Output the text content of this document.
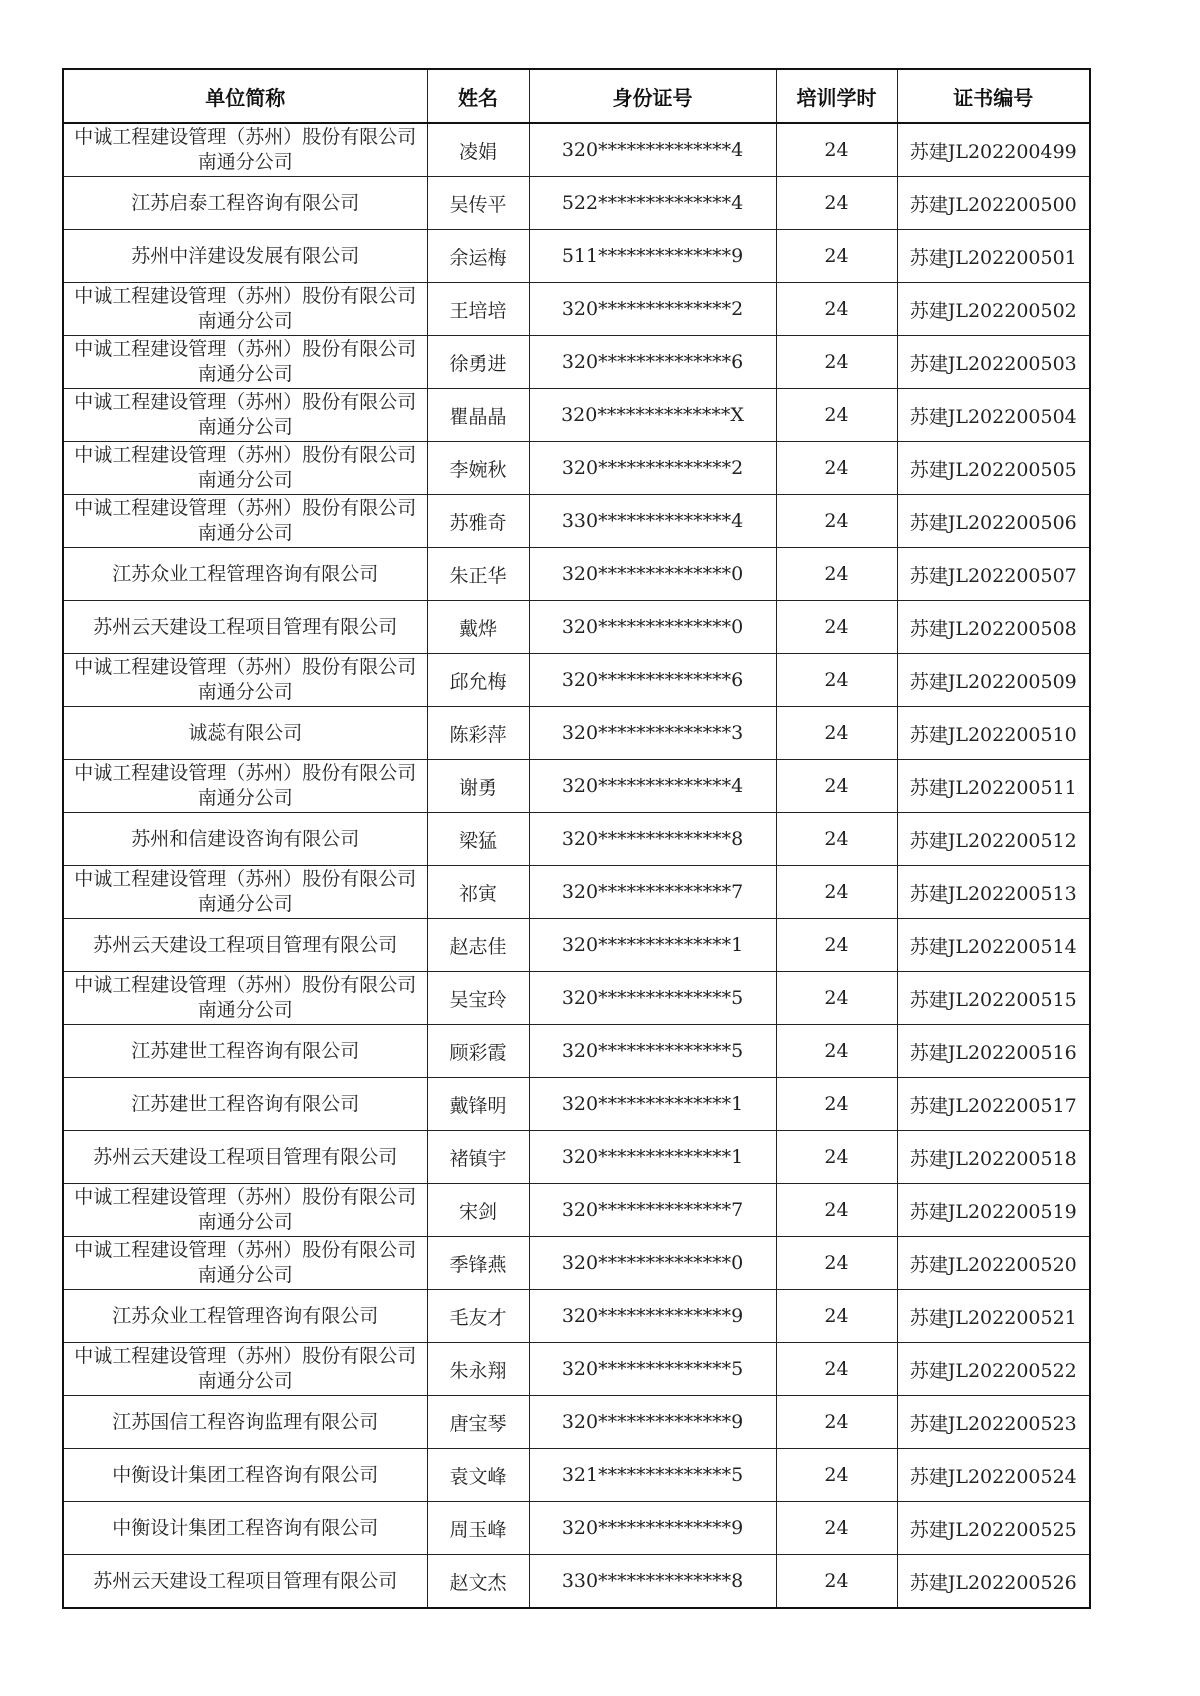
单位简称	姓名	身份证号	培训学时	证书编号
中诚工程建设管理（苏州）股份有限公司南通分公司	凌娟	320**************4	24	苏建JL202200499
江苏启泰工程咨询有限公司	吴传平	522**************4	24	苏建JL202200500
苏州中洋建设发展有限公司	余运梅	511**************9	24	苏建JL202200501
中诚工程建设管理（苏州）股份有限公司南通分公司	王培培	320**************2	24	苏建JL202200502
中诚工程建设管理（苏州）股份有限公司南通分公司	徐勇进	320**************6	24	苏建JL202200503
中诚工程建设管理（苏州）股份有限公司南通分公司	瞿晶晶	320**************X	24	苏建JL202200504
中诚工程建设管理（苏州）股份有限公司南通分公司	李婉秋	320**************2	24	苏建JL202200505
中诚工程建设管理（苏州）股份有限公司南通分公司	苏雅奇	330**************4	24	苏建JL202200506
江苏众业工程管理咨询有限公司	朱正华	320**************0	24	苏建JL202200507
苏州云天建设工程项目管理有限公司	戴烨	320**************0	24	苏建JL202200508
中诚工程建设管理（苏州）股份有限公司南通分公司	邱允梅	320**************6	24	苏建JL202200509
诚蕊有限公司	陈彩萍	320**************3	24	苏建JL202200510
中诚工程建设管理（苏州）股份有限公司南通分公司	谢勇	320**************4	24	苏建JL202200511
苏州和信建设咨询有限公司	梁猛	320**************8	24	苏建JL202200512
中诚工程建设管理（苏州）股份有限公司南通分公司	祁寅	320**************7	24	苏建JL202200513
苏州云天建设工程项目管理有限公司	赵志佳	320**************1	24	苏建JL202200514
中诚工程建设管理（苏州）股份有限公司南通分公司	吴宝玲	320**************5	24	苏建JL202200515
江苏建世工程咨询有限公司	顾彩霞	320**************5	24	苏建JL202200516
江苏建世工程咨询有限公司	戴锋明	320**************1	24	苏建JL202200517
苏州云天建设工程项目管理有限公司	褚镇宇	320**************1	24	苏建JL202200518
中诚工程建设管理（苏州）股份有限公司南通分公司	宋剑	320**************7	24	苏建JL202200519
中诚工程建设管理（苏州）股份有限公司南通分公司	季锋燕	320**************0	24	苏建JL202200520
江苏众业工程管理咨询有限公司	毛友才	320**************9	24	苏建JL202200521
中诚工程建设管理（苏州）股份有限公司南通分公司	朱永翔	320**************5	24	苏建JL202200522
江苏国信工程咨询监理有限公司	唐宝琴	320**************9	24	苏建JL202200523
中衡设计集团工程咨询有限公司	袁文峰	321**************5	24	苏建JL202200524
中衡设计集团工程咨询有限公司	周玉峰	320**************9	24	苏建JL202200525
苏州云天建设工程项目管理有限公司	赵文杰	330**************8	24	苏建JL202200526
